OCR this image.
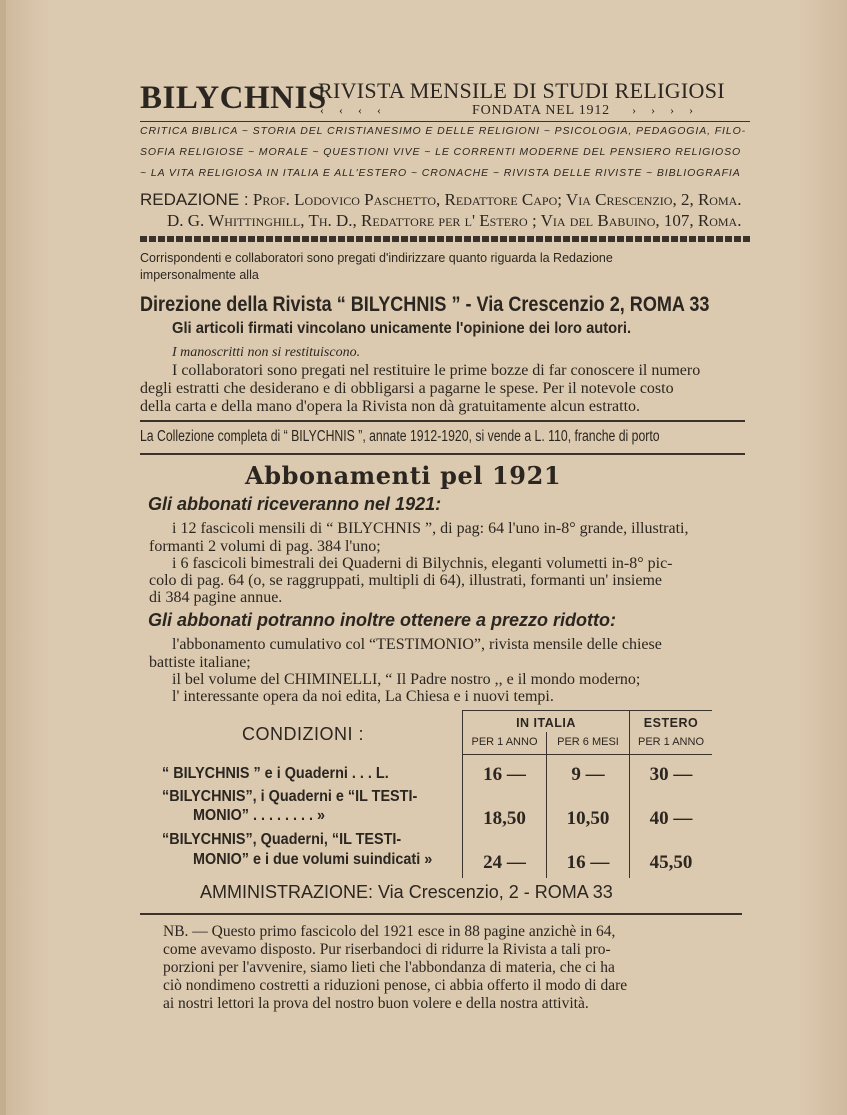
BILYCHNIS
RIVISTA MENSILE DI STUDI RELIGIOSI
‹ ‹ ‹ ‹	FONDATA NEL 1912 › › › ›
CRITICA BIBLICA ~ STORIA DEL CRISTIANESIMO E DELLE RELIGIONI ~ PSICOLOGIA, PEDAGOGIA, FILO-
SOFIA RELIGIOSE ~ MORALE ~ QUESTIONI VIVE ~ LE CORRENTI MODERNE DEL PENSIERO RELIGIOSO
~ LA VITA RELIGIOSA IN ITALIA E ALL'ESTERO ~ CRONACHE ~ RIVISTA DELLE RIVISTE ~ BIBLIOGRAFIA
REDAZIONE : Prof. Lodovico Paschetto, Redattore Capo; Via Crescenzio, 2, Roma.
D. G. Whittinghill, Th. D., Redattore per l' Estero ; Via del Babuino, 107, Roma.
Corrispondenti e collaboratori sono pregati d'indirizzare quanto riguarda la Redazione
impersonalmente alla
Direzione della Rivista “ BILYCHNIS ” - Via Crescenzio 2, ROMA 33
Gli articoli firmati vincolano unicamente l'opinione dei loro autori.
I manoscritti non si restituiscono.
I collaboratori sono pregati nel restituire le prime bozze di far conoscere il numero
degli estratti che desiderano e di obbligarsi a pagarne le spese. Per il notevole costo
della carta e della mano d'opera la Rivista non dà gratuitamente alcun estratto.
La Collezione completa di “ BILYCHNIS ”, annate 1912-1920, si vende a L. 110, franche di porto
Abbonamenti pel 1921
Gli abbonati riceveranno nel 1921:
i 12 fascicoli mensili di “ BILYCHNIS ”, di pag: 64 l'uno in-8° grande, illustrati,
formanti 2 volumi di pag. 384 l'uno;
i 6 fascicoli bimestrali dei Quaderni di Bilychnis, eleganti volumetti in-8° pic-
colo di pag. 64 (o, se raggruppati, multipli di 64), illustrati, formanti un' insieme
di 384 pagine annue.
Gli abbonati potranno inoltre ottenere a prezzo ridotto:
l'abbonamento cumulativo col “TESTIMONIO”, rivista mensile delle chiese
battiste italiane;
il bel volume del CHIMINELLI, “ Il Padre nostro ,, e il mondo moderno;
l' interessante opera da noi edita, La Chiesa e i nuovi tempi.
CONDIZIONI :
IN ITALIA	ESTERO
PER 1 ANNO	PER 6 MESI	PER 1 ANNO
“ BILYCHNIS ” e i Quaderni . . . L.	16 —	9 —	30 —
“BILYCHNIS”, i Quaderni e “IL TESTI-
MONIO” . . . . . . . . »	18,50	10,50	40 —
“BILYCHNIS”, Quaderni, “IL TESTI-
MONIO” e i due volumi suindicati »	24 —	16 —	45,50
AMMINISTRAZIONE: Via Crescenzio, 2 - ROMA 33
NB. — Questo primo fascicolo del 1921 esce in 88 pagine anzichè in 64,
come avevamo disposto. Pur riserbandoci di ridurre la Rivista a tali pro-
porzioni per l'avvenire, siamo lieti che l'abbondanza di materia, che ci ha
ciò nondimeno costretti a riduzioni penose, ci abbia offerto il modo di dare
ai nostri lettori la prova del nostro buon volere e della nostra attività.
